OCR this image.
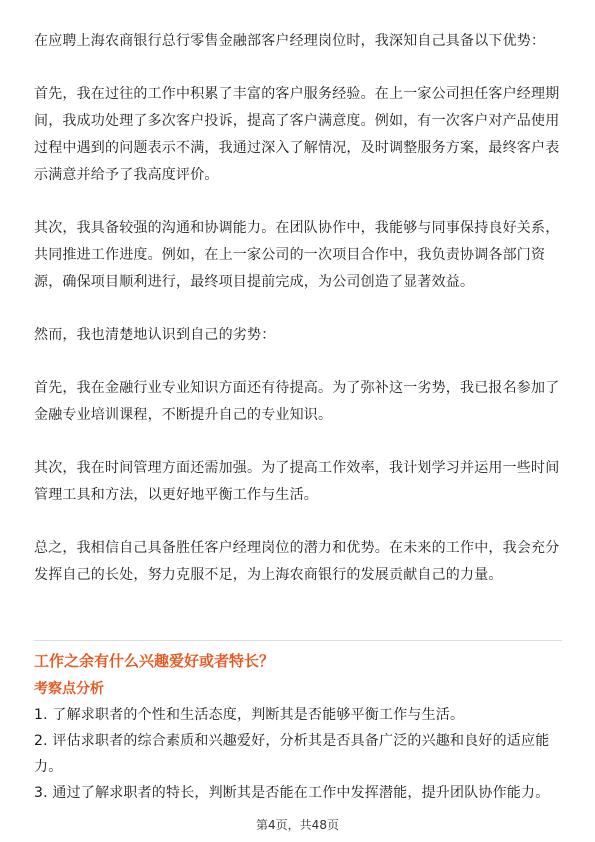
在应聘上海农商银行总行零售金融部客户经理岗位时，我深知自己具备以下优势：

首先，我在过往的工作中积累了丰富的客户服务经验。在上一家公司担任客户经理期间，我成功处理了多次客户投诉，提高了客户满意度。例如，有一次客户对产品使用过程中遇到的问题表示不满，我通过深入了解情况，及时调整服务方案，最终客户表示满意并给予了我高度评价。

其次，我具备较强的沟通和协调能力。在团队协作中，我能够与同事保持良好关系，共同推进工作进度。例如，在上一家公司的一次项目合作中，我负责协调各部门资源，确保项目顺利进行，最终项目提前完成，为公司创造了显著效益。

然而，我也清楚地认识到自己的劣势：

首先，我在金融行业专业知识方面还有待提高。为了弥补这一劣势，我已报名参加了金融专业培训课程，不断提升自己的专业知识。

其次，我在时间管理方面还需加强。为了提高工作效率，我计划学习并运用一些时间管理工具和方法，以更好地平衡工作与生活。

总之，我相信自己具备胜任客户经理岗位的潜力和优势。在未来的工作中，我会充分发挥自己的长处，努力克服不足，为上海农商银行的发展贡献自己的力量。

工作之余有什么兴趣爱好或者特长？

考察点分析

1. 了解求职者的个性和生活态度，判断其是否能够平衡工作与生活。
2. 评估求职者的综合素质和兴趣爱好，分析其是否具备广泛的兴趣和良好的适应能力。
3. 通过了解求职者的特长，判断其是否能在工作中发挥潜能，提升团队协作能力。
第4页，共48页
